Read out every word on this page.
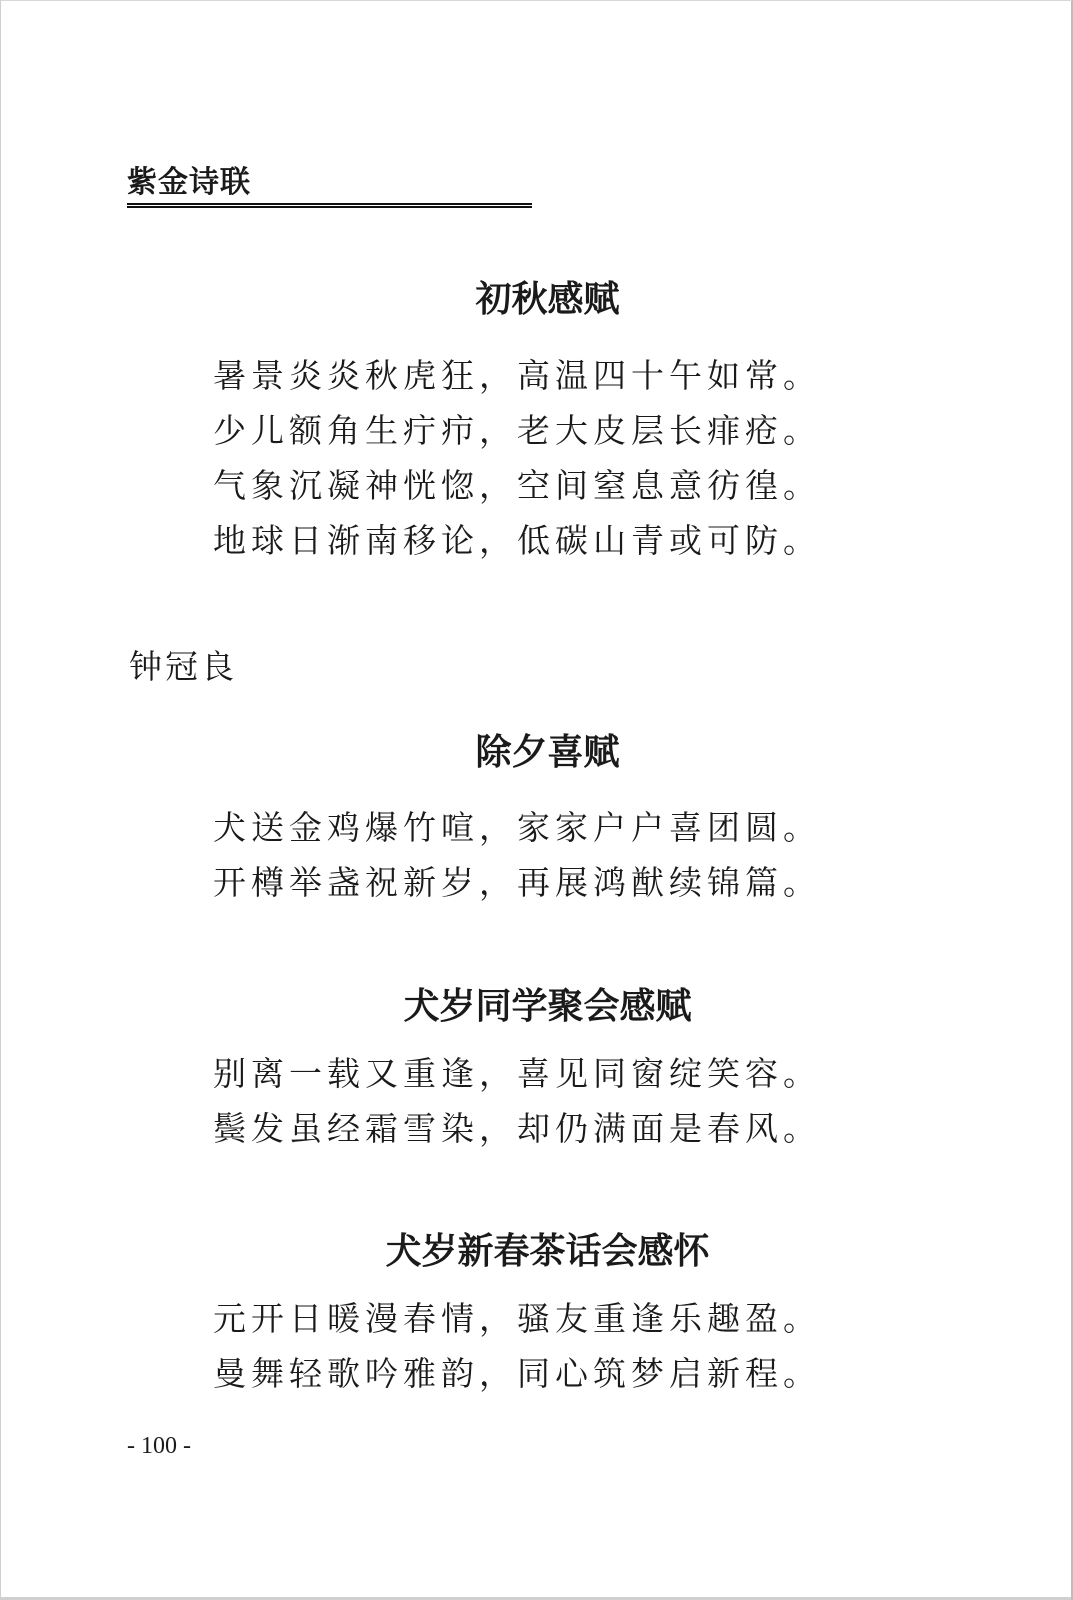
紫金诗联
初秋感赋
暑景炎炎秋虎狂，高温四十午如常。
少儿额角生疔疖，老大皮层长痱疮。
气象沉凝神恍惚，空间窒息意彷徨。
地球日渐南移论，低碳山青或可防。
钟冠良
除夕喜赋
犬送金鸡爆竹喧，家家户户喜团圆。
开樽举盏祝新岁，再展鸿猷续锦篇。
犬岁同学聚会感赋
别离一载又重逢，喜见同窗绽笑容。
鬓发虽经霜雪染，却仍满面是春风。
犬岁新春茶话会感怀
元开日暖漫春情，骚友重逢乐趣盈。
曼舞轻歌吟雅韵，同心筑梦启新程。
- 100 -
